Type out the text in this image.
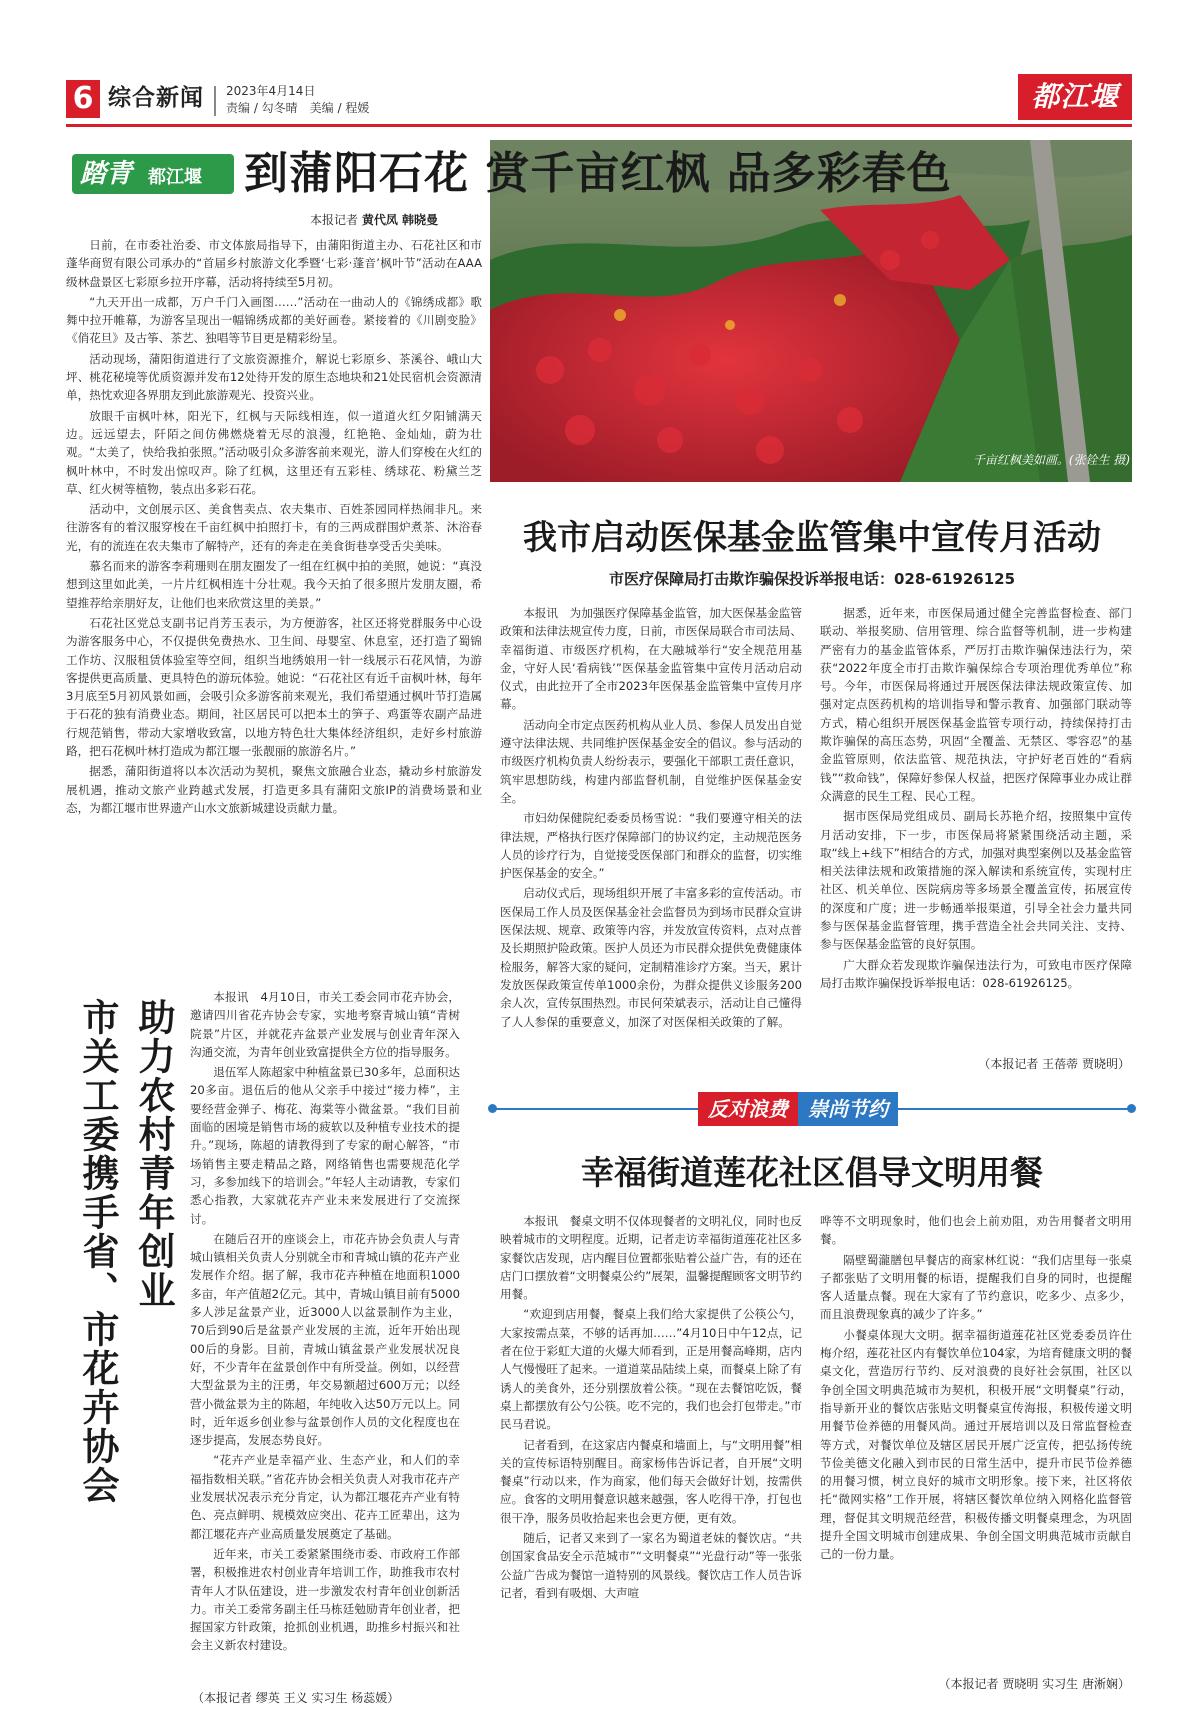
6 综合新闻 2023年4月14日
责编 / 勾冬晴　美编 / 程媛	都江堰
踏青 都江堰 到蒲阳石花 赏千亩红枫 品多彩春色
千亩红枫美如画。(张铨生 摄)
本报记者 黄代凤 韩晓曼

日前，在市委社治委、市文体旅局指导下，由蒲阳街道主办、石花社区和市蓬华商贸有限公司承办的“首届乡村旅游文化季暨‘七彩·蓬音’枫叶节”活动在AAA级林盘景区七彩原乡拉开序幕，活动将持续至5月初。

“九天开出一成都，万户千门入画图……”活动在一曲动人的《锦绣成都》歌舞中拉开帷幕，为游客呈现出一幅锦绣成都的美好画卷。紧接着的《川剧变脸》《俏花旦》及古筝、茶艺、独唱等节目更是精彩纷呈。

活动现场，蒲阳街道进行了文旅资源推介，解说七彩原乡、茶溪谷、峨山大坪、桃花秘境等优质资源并发布12处待开发的原生态地块和21处民宿机会资源清单，热忱欢迎各界朋友到此旅游观光、投资兴业。

放眼千亩枫叶林，阳光下，红枫与天际线相连，似一道道火红夕阳铺满天边。远远望去，阡陌之间仿佛燃烧着无尽的浪漫，红艳艳、金灿灿，蔚为壮观。“太美了，快给我拍张照。”活动吸引众多游客前来观光，游人们穿梭在火红的枫叶林中，不时发出惊叹声。除了红枫，这里还有五彩桂、绣球花、粉黛兰芝草、红火树等植物，装点出多彩石花。

活动中，文创展示区、美食售卖点、农夫集市、百姓茶园同样热闹非凡。来往游客有的着汉服穿梭在千亩红枫中拍照打卡，有的三两成群围炉煮茶、沐浴春光，有的流连在农夫集市了解特产，还有的奔走在美食街巷享受舌尖美味。

慕名而来的游客李莉珊则在朋友圈发了一组在红枫中拍的美照，她说：“真没想到这里如此美，一片片红枫相连十分壮观。我今天拍了很多照片发朋友圈，希望推荐给亲朋好友，让他们也来欣赏这里的美景。”

石花社区党总支副书记肖芳玉表示，为方便游客，社区还将党群服务中心设为游客服务中心，不仅提供免费热水、卫生间、母婴室、休息室，还打造了蜀锦工作坊、汉服租赁体验室等空间，组织当地绣娘用一针一线展示石花风情，为游客提供更高质量、更具特色的游玩体验。她说：“石花社区有近千亩枫叶林，每年3月底至5月初风景如画，会吸引众多游客前来观光，我们希望通过枫叶节打造属于石花的独有消费业态。期间，社区居民可以把本土的笋子、鸡蛋等农副产品进行规范销售，带动大家增收致富，以地方特色壮大集体经济组织，走好乡村旅游路，把石花枫叶林打造成为都江堰一张靓丽的旅游名片。”

据悉，蒲阳街道将以本次活动为契机，聚焦文旅融合业态，撬动乡村旅游发展机遇，推动文旅产业跨越式发展，打造更多具有蒲阳文旅IP的消费场景和业态，为都江堰市世界遗产山水文旅新城建设贡献力量。

我市启动医保基金监管集中宣传月活动
市医疗保障局打击欺诈骗保投诉举报电话：028-61926125

本报讯　为加强医疗保障基金监管，加大医保基金监管政策和法律法规宣传力度，日前，市医保局联合市司法局、幸福街道、市级医疗机构，在大融城举行“安全规范用基金，守好人民‘看病钱’”医保基金监管集中宣传月活动启动仪式，由此拉开了全市2023年医保基金监管集中宣传月序幕。

活动向全市定点医药机构从业人员、参保人员发出自觉遵守法律法规、共同维护医保基金安全的倡议。参与活动的市级医疗机构负责人纷纷表示，要强化干部职工责任意识，筑牢思想防线，构建内部监督机制，自觉维护医保基金安全。

市妇幼保健院纪委委员杨雪说：“我们要遵守相关的法律法规，严格执行医疗保障部门的协议约定，主动规范医务人员的诊疗行为，自觉接受医保部门和群众的监督，切实维护医保基金的安全。”

启动仪式后，现场组织开展了丰富多彩的宣传活动。市医保局工作人员及医保基金社会监督员为到场市民群众宣讲医保法规、规章、政策等内容，并发放宣传资料，点对点普及长期照护险政策。医护人员还为市民群众提供免费健康体检服务，解答大家的疑问，定制精准诊疗方案。当天，累计发放医保政策宣传单1000余份，为群众提供义诊服务200余人次，宣传氛围热烈。市民何荣斌表示，活动让自己懂得了人人参保的重要意义，加深了对医保相关政策的了解。

据悉，近年来，市医保局通过健全完善监督检查、部门联动、举报奖励、信用管理、综合监督等机制，进一步构建严密有力的基金监管体系，严厉打击欺诈骗保违法行为，荣获“2022年度全市打击欺诈骗保综合专项治理优秀单位”称号。今年，市医保局将通过开展医保法律法规政策宣传、加强对定点医药机构的培训指导和警示教育、加强部门联动等方式，精心组织开展医保基金监管专项行动，持续保持打击欺诈骗保的高压态势，巩固“全覆盖、无禁区、零容忍”的基金监管原则，依法监管、规范执法，守护好老百姓的“看病钱”“救命钱”，保障好参保人权益，把医疗保障事业办成让群众满意的民生工程、民心工程。

据市医保局党组成员、副局长苏艳介绍，按照集中宣传月活动安排，下一步，市医保局将紧紧围绕活动主题，采取“线上+线下”相结合的方式，加强对典型案例以及基金监管相关法律法规和政策措施的深入解读和系统宣传，实现村庄社区、机关单位、医院病房等多场景全覆盖宣传，拓展宣传的深度和广度；进一步畅通举报渠道，引导全社会力量共同参与医保基金监督管理，携手营造全社会共同关注、支持、参与医保基金监管的良好氛围。

广大群众若发现欺诈骗保违法行为，可致电市医疗保障局打击欺诈骗保投诉举报电话：028-61926125。

（本报记者 王蓓蒂 贾晓明）
市关工委携手省、市花卉协会 助力农村青年创业

本报讯　4月10日，市关工委会同市花卉协会，邀请四川省花卉协会专家，实地考察青城山镇“青树院景”片区，并就花卉盆景产业发展与创业青年深入沟通交流，为青年创业致富提供全方位的指导服务。

退伍军人陈超家中种植盆景已30多年，总面积达20多亩。退伍后的他从父亲手中接过“接力棒”，主要经营金弹子、梅花、海棠等小微盆景。“我们目前面临的困境是销售市场的疲软以及种植专业技术的提升。”现场，陈超的请教得到了专家的耐心解答，“市场销售主要走精品之路，网络销售也需要规范化学习，多参加线下的培训会。”年轻人主动请教，专家们悉心指教，大家就花卉产业未来发展进行了交流探讨。

在随后召开的座谈会上，市花卉协会负责人与青城山镇相关负责人分别就全市和青城山镇的花卉产业发展作介绍。据了解，我市花卉种植在地面积1000多亩，年产值超2亿元。其中，青城山镇目前有5000多人涉足盆景产业，近3000人以盆景制作为主业，70后到90后是盆景产业发展的主流，近年开始出现00后的身影。目前，青城山镇盆景产业发展状况良好，不少青年在盆景创作中有所受益。例如，以经营大型盆景为主的汪勇，年交易额超过600万元；以经营小微盆景为主的陈超，年纯收入达50万元以上。同时，近年返乡创业参与盆景创作人员的文化程度也在逐步提高，发展态势良好。

“花卉产业是幸福产业、生态产业，和人们的幸福指数相关联。”省花卉协会相关负责人对我市花卉产业发展状况表示充分肯定，认为都江堰花卉产业有特色、亮点鲜明、规模效应突出、花卉工匠辈出，这为都江堰花卉产业高质量发展奠定了基础。

近年来，市关工委紧紧围绕市委、市政府工作部署，积极推进农村创业青年培训工作，助推我市农村青年人才队伍建设，进一步激发农村青年创业创新活力。市关工委常务副主任马栋廷勉励青年创业者，把握国家方针政策，抢抓创业机遇，助推乡村振兴和社会主义新农村建设。

（本报记者 缪英 王义 实习生 杨蕊媛）
反对浪费	崇尚节约
幸福街道莲花社区倡导文明用餐

本报讯　餐桌文明不仅体现餐者的文明礼仪，同时也反映着城市的文明程度。近期，记者走访幸福街道莲花社区多家餐饮店发现，店内醒目位置都张贴着公益广告，有的还在店门口摆放着“文明餐桌公约”展架，温馨提醒顾客文明节约用餐。

“欢迎到店用餐，餐桌上我们给大家提供了公筷公勺，大家按需点菜，不够的话再加……”4月10日中午12点，记者在位于彩虹大道的火爆大师看到，正是用餐高峰期，店内人气慢慢旺了起来。一道道菜品陆续上桌，而餐桌上除了有诱人的美食外，还分别摆放着公筷。“现在去餐馆吃饭，餐桌上都摆放有公勺公筷。吃不完的，我们也会打包带走。”市民马君说。

记者看到，在这家店内餐桌和墙面上，与“文明用餐”相关的宣传标语特别醒目。商家杨伟告诉记者，自开展“文明餐桌”行动以来，作为商家，他们每天会做好计划，按需供应。食客的文明用餐意识越来越强，客人吃得干净，打包也很干净，服务员收拾起来也会更方便，更有效。

随后，记者又来到了一家名为蜀道老妹的餐饮店。“共创国家食品安全示范城市”“文明餐桌”“光盘行动”等一张张公益广告成为餐馆一道特别的风景线。餐饮店工作人员告诉记者，看到有吸烟、大声喧

哗等不文明现象时，他们也会上前劝阻，劝告用餐者文明用餐。

隔壁蜀瀧膳包早餐店的商家林红说：“我们店里每一张桌子都张贴了文明用餐的标语，提醒我们自身的同时，也提醒客人适量点餐。现在大家有了节约意识，吃多少、点多少，而且浪费现象真的减少了许多。”

小餐桌体现大文明。据幸福街道莲花社区党委委员许仕梅介绍，莲花社区内有餐饮单位104家，为培育健康文明的餐桌文化，营造厉行节约、反对浪费的良好社会氛围，社区以争创全国文明典范城市为契机，积极开展“文明餐桌”行动，指导新开业的餐饮店张贴文明餐桌宣传海报，积极传递文明用餐节俭养德的用餐风尚。通过开展培训以及日常监督检查等方式，对餐饮单位及辖区居民开展广泛宣传，把弘扬传统节俭美德文化融入到市民的日常生活中，提升市民节俭养德的用餐习惯，树立良好的城市文明形象。接下来，社区将依托“微网实格”工作开展，将辖区餐饮单位纳入网格化监督管理，督促其文明规范经营，积极传播文明餐桌理念，为巩固提升全国文明城市创建成果、争创全国文明典范城市贡献自己的一份力量。

（本报记者 贾晓明 实习生 唐淅娴）
